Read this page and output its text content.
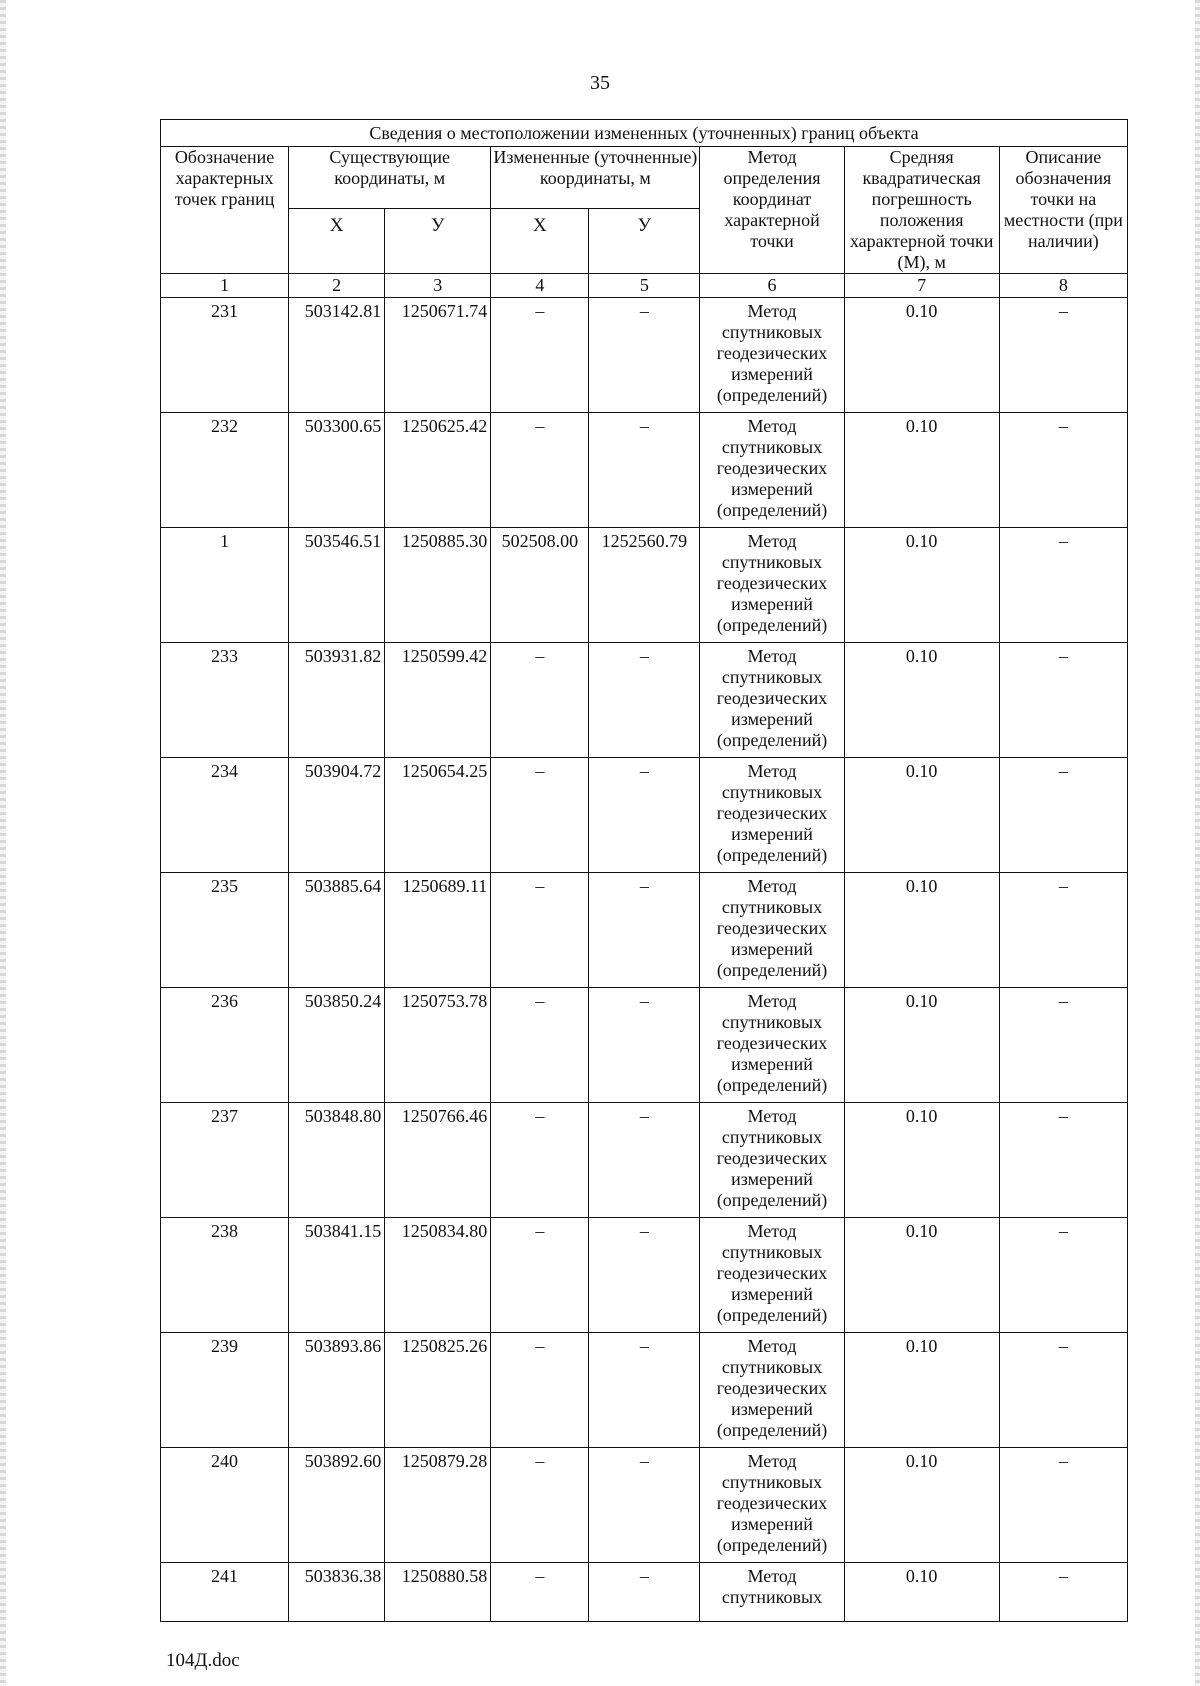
35
Сведения о местоположении измененных (уточненных) границ объекта							
Обозначение характерных точек границ	Существующие координаты, м		Измененные (уточненные) координаты, м		Метод определения координат характерной точки	Средняя квадратическая погрешность положения характерной точки (М), м	Описание обозначения точки на местности (при наличии)
	Х	У	Х	У			
1	2	3	4	5	6	7	8
231	503142.81	1250671.74	–	–	Метод спутниковых геодезических измерений (определений)	0.10	–
232	503300.65	1250625.42	–	–	Метод спутниковых геодезических измерений (определений)	0.10	–
1	503546.51	1250885.30	502508.00	1252560.79	Метод спутниковых геодезических измерений (определений)	0.10	–
233	503931.82	1250599.42	–	–	Метод спутниковых геодезических измерений (определений)	0.10	–
234	503904.72	1250654.25	–	–	Метод спутниковых геодезических измерений (определений)	0.10	–
235	503885.64	1250689.11	–	–	Метод спутниковых геодезических измерений (определений)	0.10	–
236	503850.24	1250753.78	–	–	Метод спутниковых геодезических измерений (определений)	0.10	–
237	503848.80	1250766.46	–	–	Метод спутниковых геодезических измерений (определений)	0.10	–
238	503841.15	1250834.80	–	–	Метод спутниковых геодезических измерений (определений)	0.10	–
239	503893.86	1250825.26	–	–	Метод спутниковых геодезических измерений (определений)	0.10	–
240	503892.60	1250879.28	–	–	Метод спутниковых геодезических измерений (определений)	0.10	–
241	503836.38	1250880.58	–	–	Метод спутниковых	0.10	–
104Д.doc
